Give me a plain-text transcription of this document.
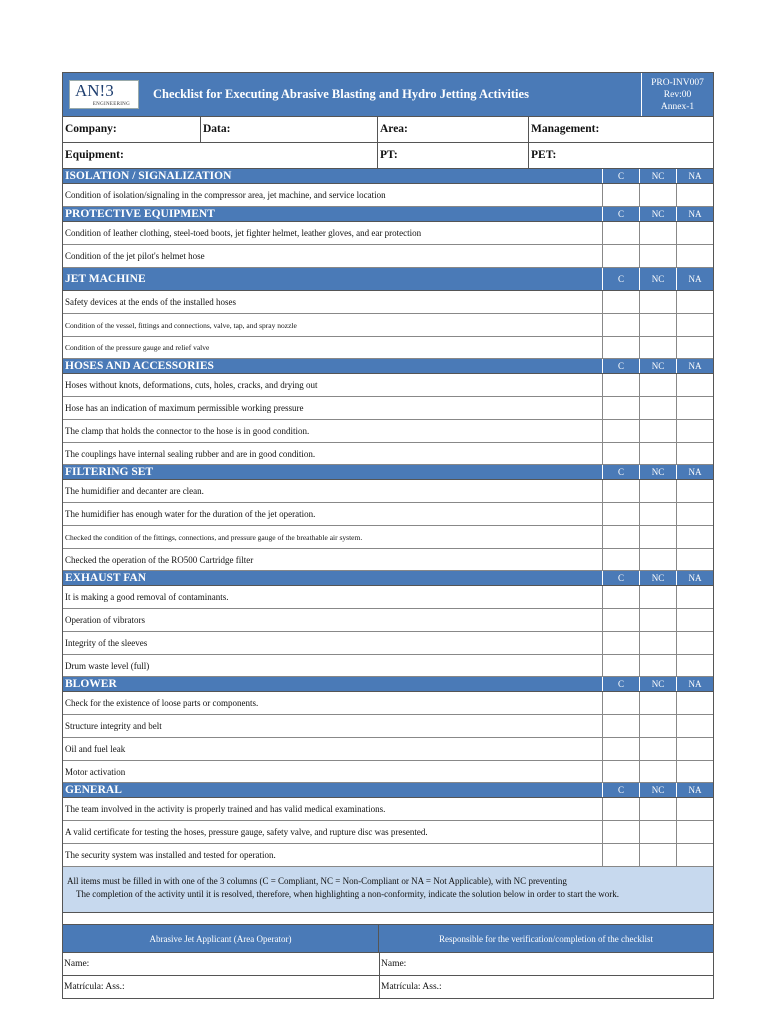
AN!3
ENGINEERING
Checklist for Executing Abrasive Blasting and Hydro Jetting Activities
PRO-INV007
Rev:00
Annex-1
Company:	Data:	Area:	Management:
Equipment:	PT:	PET:
ISOLATION / SIGNALIZATION	C	NC	NA
Condition of isolation/signaling in the compressor area, jet machine, and service location
PROTECTIVE EQUIPMENT	C	NC	NA
Condition of leather clothing, steel-toed boots, jet fighter helmet, leather gloves, and ear protection
Condition of the jet pilot's helmet hose
JET MACHINE	C	NC	NA
Safety devices at the ends of the installed hoses
Condition of the vessel, fittings and connections, valve, tap, and spray nozzle
Condition of the pressure gauge and relief valve
HOSES AND ACCESSORIES	C	NC	NA
Hoses without knots, deformations, cuts, holes, cracks, and drying out
Hose has an indication of maximum permissible working pressure
The clamp that holds the connector to the hose is in good condition.
The couplings have internal sealing rubber and are in good condition.
FILTERING SET	C	NC	NA
The humidifier and decanter are clean.
The humidifier has enough water for the duration of the jet operation.
Checked the condition of the fittings, connections, and pressure gauge of the breathable air system.
Checked the operation of the RO500 Cartridge filter
EXHAUST FAN	C	NC	NA
It is making a good removal of contaminants.
Operation of vibrators
Integrity of the sleeves
Drum waste level (full)
BLOWER	C	NC	NA
Check for the existence of loose parts or components.
Structure integrity and belt
Oil and fuel leak
Motor activation
GENERAL	C	NC	NA
The team involved in the activity is properly trained and has valid medical examinations.
A valid certificate for testing the hoses, pressure gauge, safety valve, and rupture disc was presented.
The security system was installed and tested for operation.
All items must be filled in with one of the 3 columns (C = Compliant, NC = Non-Compliant or NA = Not Applicable), with NC preventing
The completion of the activity until it is resolved, therefore, when highlighting a non-conformity, indicate the solution below in order to start the work.
Abrasive Jet Applicant (Area Operator)	Responsible for the verification/completion of the checklist
Name:	Name:
Matrícula: Ass.:	Matrícula: Ass.:
